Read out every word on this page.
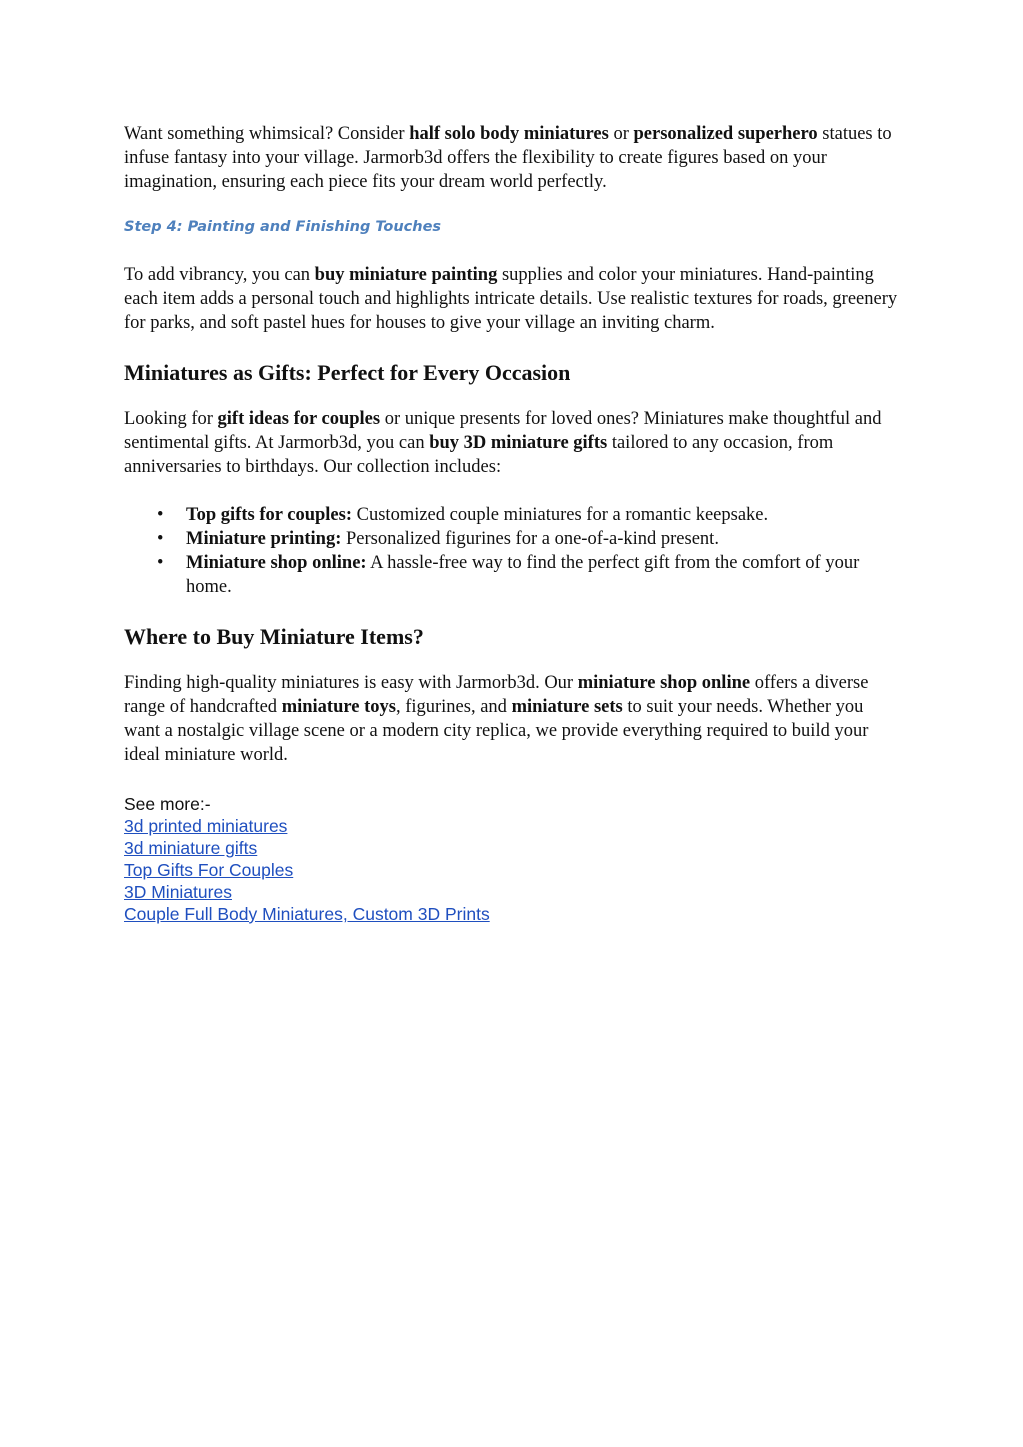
Want something whimsical? Consider half solo body miniatures or personalized superhero statues to infuse fantasy into your village. Jarmorb3d offers the flexibility to create figures based on your imagination, ensuring each piece fits your dream world perfectly.

Step 4: Painting and Finishing Touches

To add vibrancy, you can buy miniature painting supplies and color your miniatures. Hand-painting each item adds a personal touch and highlights intricate details. Use realistic textures for roads, greenery for parks, and soft pastel hues for houses to give your village an inviting charm.

Miniatures as Gifts: Perfect for Every Occasion

Looking for gift ideas for couples or unique presents for loved ones? Miniatures make thoughtful and sentimental gifts. At Jarmorb3d, you can buy 3D miniature gifts tailored to any occasion, from anniversaries to birthdays. Our collection includes:

• Top gifts for couples: Customized couple miniatures for a romantic keepsake.
• Miniature printing: Personalized figurines for a one-of-a-kind present.
• Miniature shop online: A hassle-free way to find the perfect gift from the comfort of your home.
Where to Buy Miniature Items?

Finding high-quality miniatures is easy with Jarmorb3d. Our miniature shop online offers a diverse range of handcrafted miniature toys, figurines, and miniature sets to suit your needs. Whether you want a nostalgic village scene or a modern city replica, we provide everything required to build your ideal miniature world.

See more:-

3d printed miniatures
3d miniature gifts
Top Gifts For Couples
3D Miniatures
Couple Full Body Miniatures, Custom 3D Prints
